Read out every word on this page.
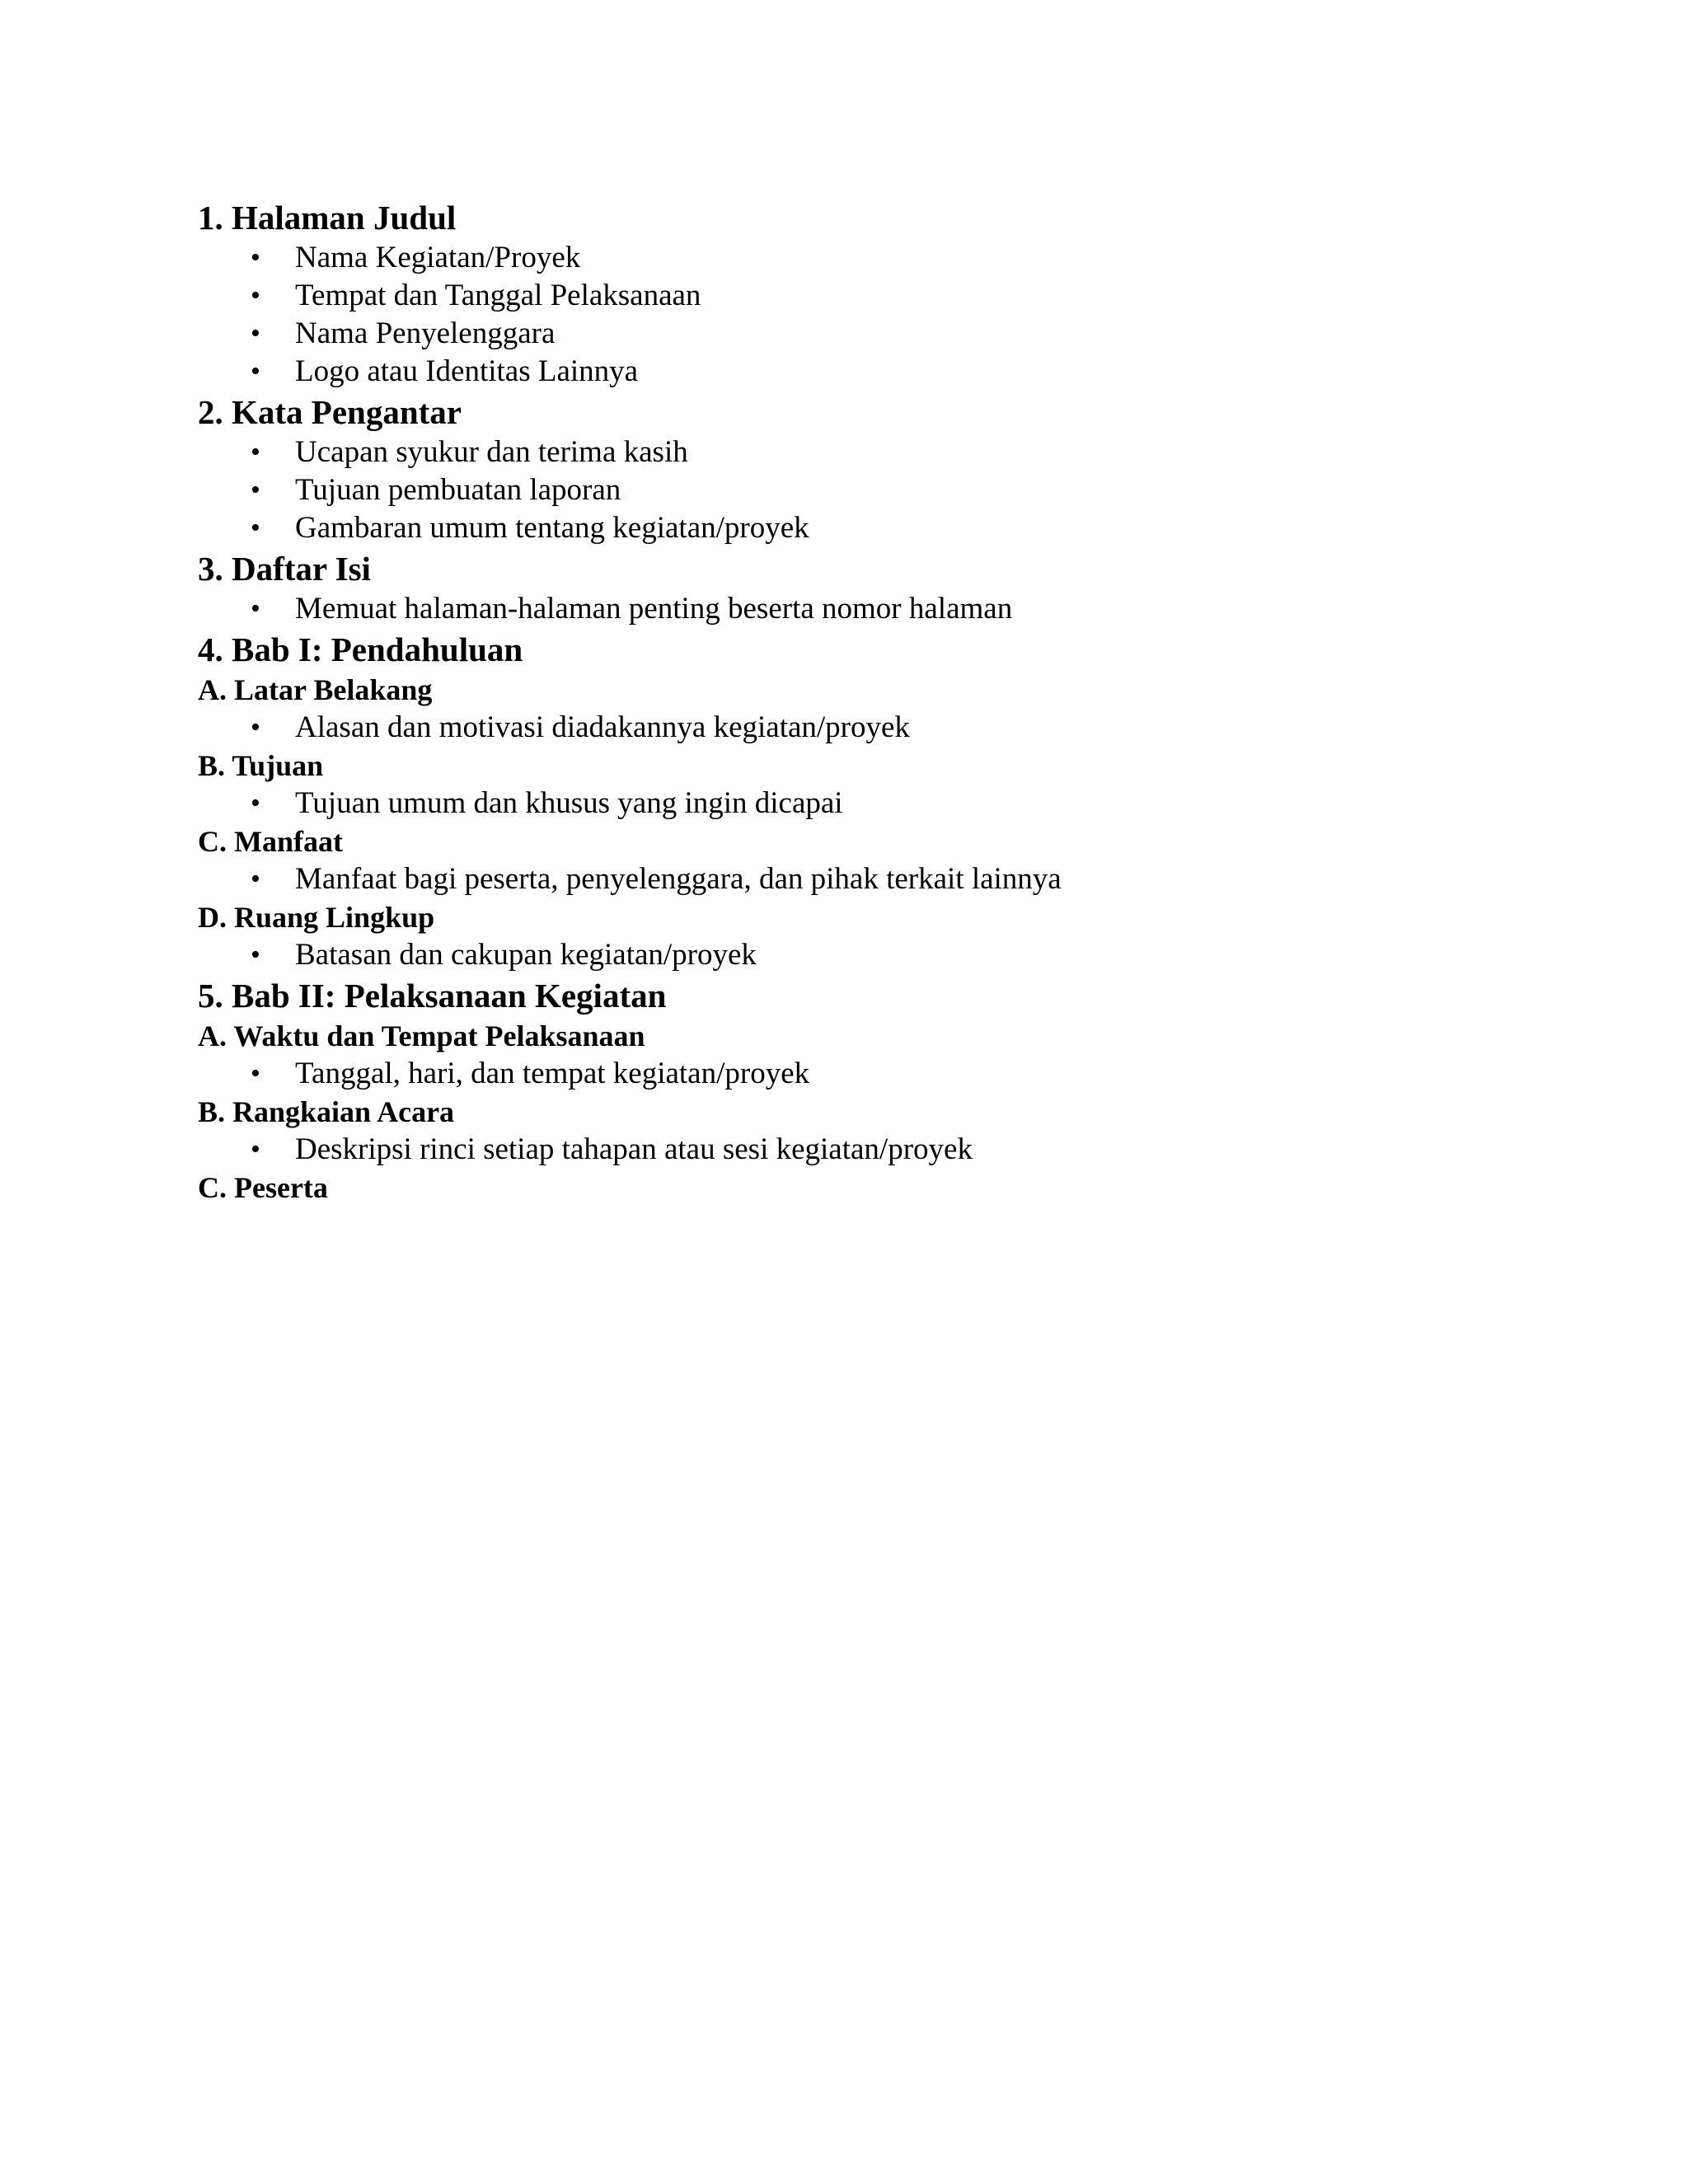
1. Halaman Judul
• Nama Kegiatan/Proyek
• Tempat dan Tanggal Pelaksanaan
• Nama Penyelenggara
• Logo atau Identitas Lainnya
2. Kata Pengantar
• Ucapan syukur dan terima kasih
• Tujuan pembuatan laporan
• Gambaran umum tentang kegiatan/proyek
3. Daftar Isi
• Memuat halaman-halaman penting beserta nomor halaman
4. Bab I: Pendahuluan
A. Latar Belakang
• Alasan dan motivasi diadakannya kegiatan/proyek
B. Tujuan
• Tujuan umum dan khusus yang ingin dicapai
C. Manfaat
• Manfaat bagi peserta, penyelenggara, dan pihak terkait lainnya
D. Ruang Lingkup
• Batasan dan cakupan kegiatan/proyek
5. Bab II: Pelaksanaan Kegiatan
A. Waktu dan Tempat Pelaksanaan
• Tanggal, hari, dan tempat kegiatan/proyek
B. Rangkaian Acara
• Deskripsi rinci setiap tahapan atau sesi kegiatan/proyek
C. Peserta
